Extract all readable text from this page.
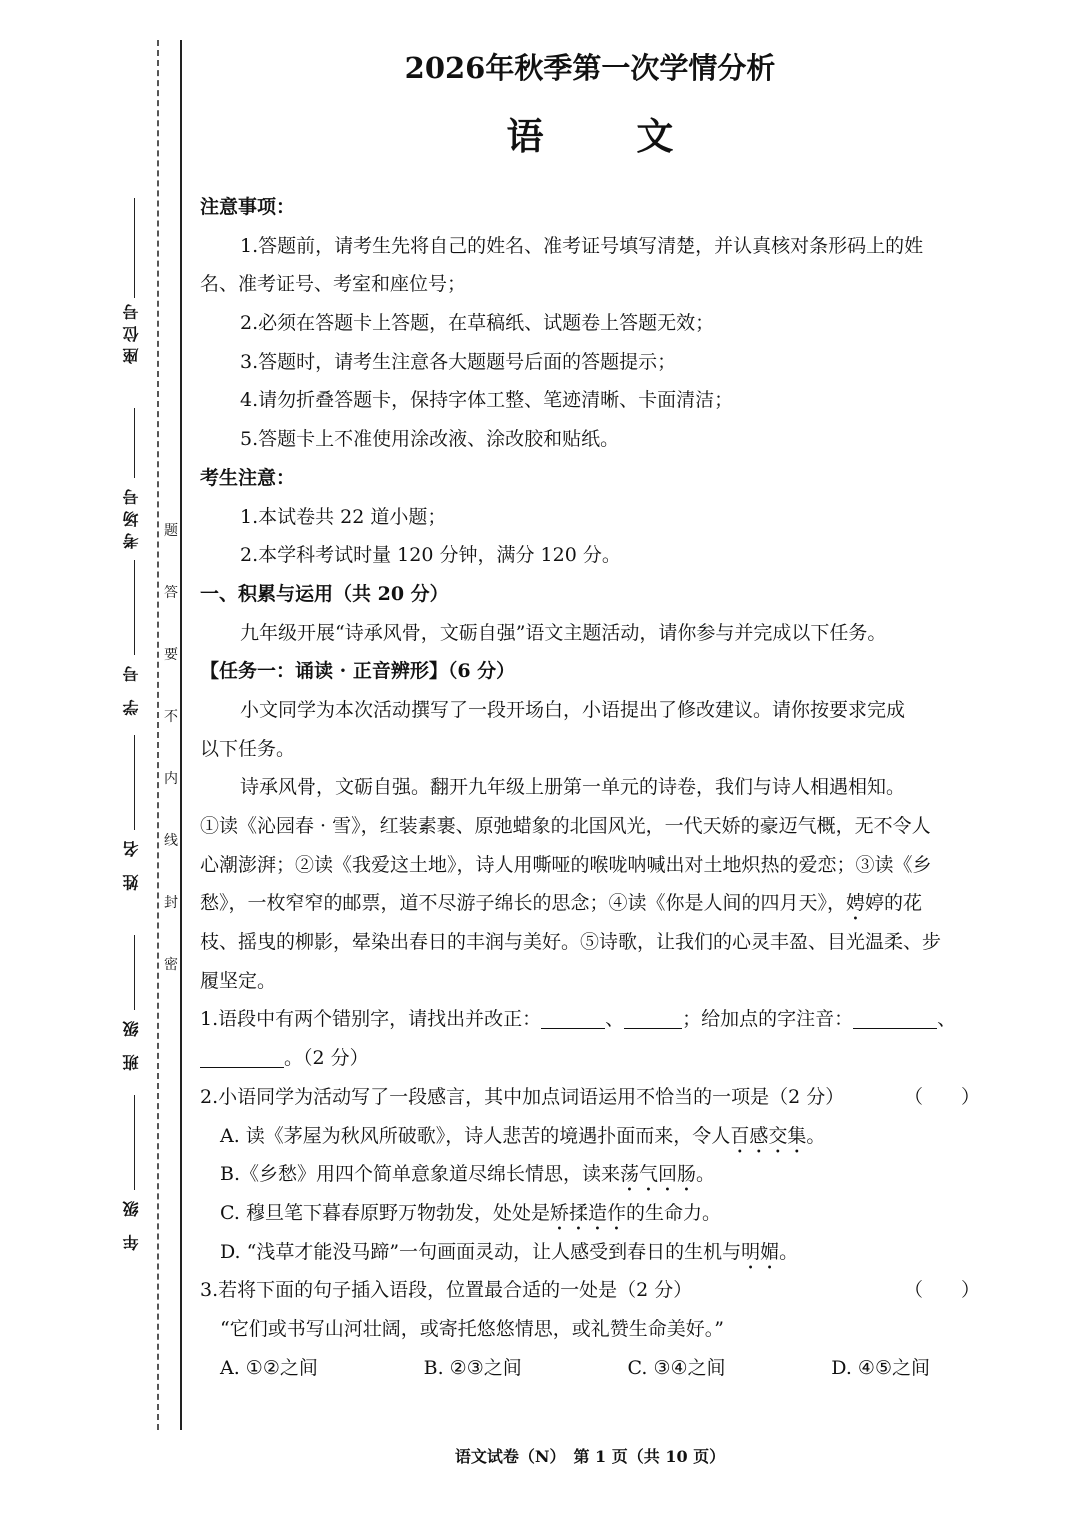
座位号
考场号
学 号
姓 名
班 级
年 级
题
答
要
不
内
线
封
密
2026年秋季第一次学情分析
语 文
注意事项：
1.答题前，请考生先将自己的姓名、准考证号填写清楚，并认真核对条形码上的姓
名、准考证号、考室和座位号；
2.必须在答题卡上答题，在草稿纸、试题卷上答题无效；
3.答题时，请考生注意各大题题号后面的答题提示；
4.请勿折叠答题卡，保持字体工整、笔迹清晰、卡面清洁；
5.答题卡上不准使用涂改液、涂改胶和贴纸。
考生注意：
1.本试卷共 22 道小题；
2.本学科考试时量 120 分钟，满分 120 分。
一、积累与运用（共 20 分）
九年级开展“诗承风骨，文砺自强”语文主题活动，请你参与并完成以下任务。
【任务一：诵读 · 正音辨形】（6 分）
小文同学为本次活动撰写了一段开场白，小语提出了修改建议。请你按要求完成
以下任务。
诗承风骨，文砺自强。翻开九年级上册第一单元的诗卷，我们与诗人相遇相知。
①读《沁园春 · 雪》，红装素裹、原弛蜡象的北国风光，一代天娇的豪迈气概，无不令人
心潮澎湃；②读《我爱这土地》，诗人用嘶哑的喉咙呐喊出对土地炽热的爱恋；③读《乡
愁》，一枚窄窄的邮票，道不尽游子绵长的思念；④读《你是人间的四月天》，娉婷的花
枝、摇曳的柳影，晕染出春日的丰润与美好。⑤诗歌，让我们的心灵丰盈、目光温柔、步
履坚定。
1.语段中有两个错别字，请找出并改正：	、	；给加点的字注音：	、
。（2 分）
2.小语同学为活动写了一段感言，其中加点词语运用不恰当的一项是（2 分）	（　　）
A. 读《茅屋为秋风所破歌》，诗人悲苦的境遇扑面而来，令人百感交集。
B.《乡愁》用四个简单意象道尽绵长情思，读来荡气回肠。
C. 穆旦笔下暮春原野万物勃发，处处是矫揉造作的生命力。
D. “浅草才能没马蹄”一句画面灵动，让人感受到春日的生机与明媚。
3.若将下面的句子插入语段，位置最合适的一处是（2 分）	（　　）
“它们或书写山河壮阔，或寄托悠悠情思，或礼赞生命美好。”
A. ①②之间	B. ②③之间	C. ③④之间	D. ④⑤之间
语文试卷（N）　第 1 页（共 10 页）
